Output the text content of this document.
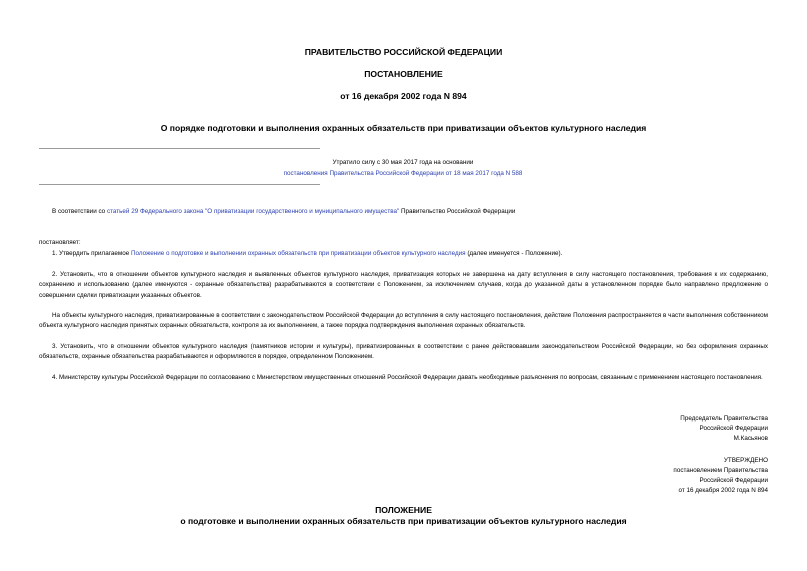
ПРАВИТЕЛЬСТВО РОССИЙСКОЙ ФЕДЕРАЦИИ
ПОСТАНОВЛЕНИЕ
от 16 декабря 2002 года N 894
О порядке подготовки и выполнения охранных обязательств при приватизации объектов культурного наследия
Утратило силу с 30 мая 2017 года на основании
постановления Правительства Российской Федерации от 18 мая 2017 года N 588
В соответствии со статьей 29 Федерального закона "О приватизации государственного и муниципального имущества" Правительство Российской Федерации
постановляет:
1. Утвердить прилагаемое Положение о подготовке и выполнении охранных обязательств при приватизации объектов культурного наследия (далее именуется - Положение).
2. Установить, что в отношении объектов культурного наследия и выявленных объектов культурного наследия, приватизация которых не завершена на дату вступления в силу настоящего постановления, требования к их содержанию, сохранению и использованию (далее именуются - охранные обязательства) разрабатываются в соответствии с Положением, за исключением случаев, когда до указанной даты в установленном порядке было направлено предложение о совершении сделки приватизации указанных объектов.
На объекты культурного наследия, приватизированные в соответствии с законодательством Российской Федерации до вступления в силу настоящего постановления, действие Положения распространяется в части выполнения собственником объекта культурного наследия принятых охранных обязательств, контроля за их выполнением, а также порядка подтверждения выполнения охранных обязательств.
3. Установить, что в отношении объектов культурного наследия (памятников истории и культуры), приватизированных в соответствии с ранее действовавшим законодательством Российской Федерации, но без оформления охранных обязательств, охранные обязательства разрабатываются и оформляются в порядке, определенном Положением.
4. Министерству культуры Российской Федерации по согласованию с Министерством имущественных отношений Российской Федерации давать необходимые разъяснения по вопросам, связанным с применением настоящего постановления.
Председатель Правительства
Российской Федерации
М.Касьянов
УТВЕРЖДЕНО
постановлением Правительства
Российской Федерации
от 16 декабря 2002 года N 894
ПОЛОЖЕНИЕ
о подготовке и выполнении охранных обязательств при приватизации объектов культурного наследия
